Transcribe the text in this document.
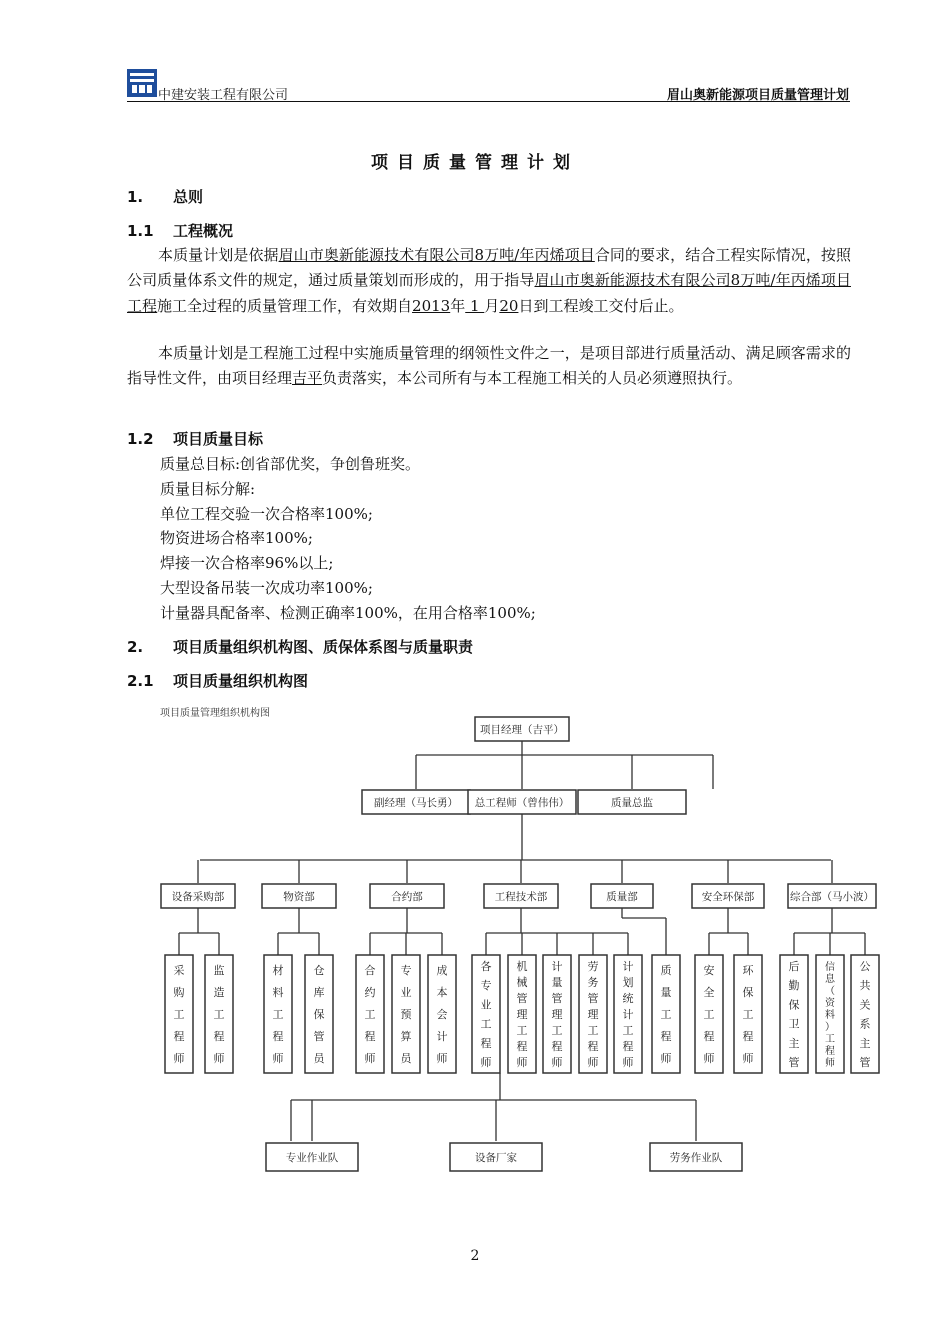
中建安装工程有限公司	眉山奥新能源项目质量管理计划
项目质量管理计划
1. 总则
1.1 工程概况
本质量计划是依据眉山市奥新能源技术有限公司8万吨/年丙烯项目合同的要求，结合工程实际情况，按照公司质量体系文件的规定，通过质量策划而形成的，用于指导眉山市奥新能源技术有限公司8万吨/年丙烯项目工程施工全过程的质量管理工作，有效期自2013年 1 月20日到工程竣工交付后止。
本质量计划是工程施工过程中实施质量管理的纲领性文件之一，是项目部进行质量活动、满足顾客需求的指导性文件，由项目经理吉平负责落实，本公司所有与本工程施工相关的人员必须遵照执行。
1.2 项目质量目标
质量总目标:创省部优奖，争创鲁班奖。
质量目标分解:
单位工程交验一次合格率100%;
物资进场合格率100%;
焊接一次合格率96%以上;
大型设备吊装一次成功率100%;
计量器具配备率、检测正确率100%，在用合格率100%;
2. 项目质量组织机构图、质保体系图与质量职责
2.1 项目质量组织机构图
项目质量管理组织机构图
项目经理（吉平）
副经理（马长勇） 总工程师（曾伟伟）	质量总监
设备采购部
采
购
工
程
师
监
造
工
程
师
物资部
材
料
工
程
师
仓
库
保
管
员
合约部
合
约
工
程
师
专
业
预
算
员
成
本
会
计
师
工程技术部
各
专
业
工
程
师
机
械
管
理
工
程
师
计
量
管
理
工
程
师
劳
务
管
理
工
程
师
计
划
统
计
工
程
师
质量部
质
量
工
程
师
安全环保部
安
全
工
程
师
环
保
工
程
师
综合部（马小波）
后
勤
保
卫
主
管
信
息
（
资
料
）
工
程
师
公
共
关
系
主
管
专业作业队	设备厂家	劳务作业队
2
